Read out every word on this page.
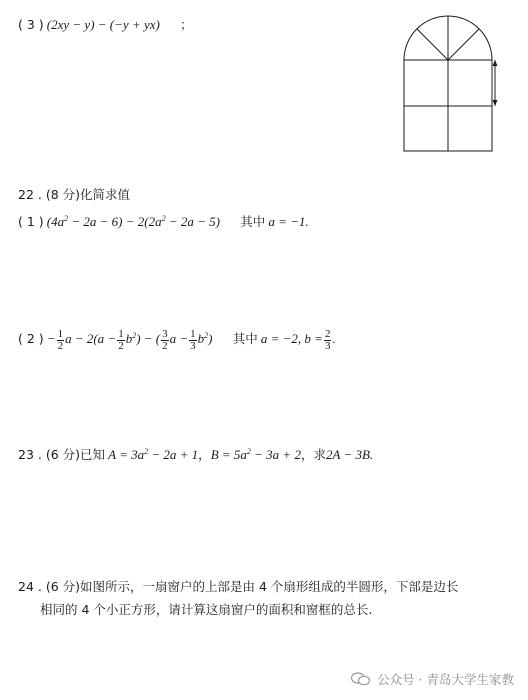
( 3 ) (2xy − y) − (−y + yx) ；
22 . (8 分)化简求值
( 1 ) $(4a^2 - 2a - 6) - 2(2a^2 - 2a - 5)$ 其中 a = −1.
( 2 ) − $\frac{1}{2}$ $a - 2(a - \frac{1}{2} b^2)$ − ( $\frac{3}{2}$ $a - \frac{1}{3} b^2$) 其中 a = −2, $b = \frac{2}{3}$ .
23 . (6 分)已知 $A = 3a^2 - 2a + 1$，$B = 5a^2 - 3a + 2$，求2A − 3B.
24 . (6 分)如图所示，一扇窗户的上部是由 4 个扇形组成的半圆形，下部是边长
相同的 4 个小正方形，请计算这扇窗户的面积和窗框的总长.
公众号 · 青岛大学生家教
